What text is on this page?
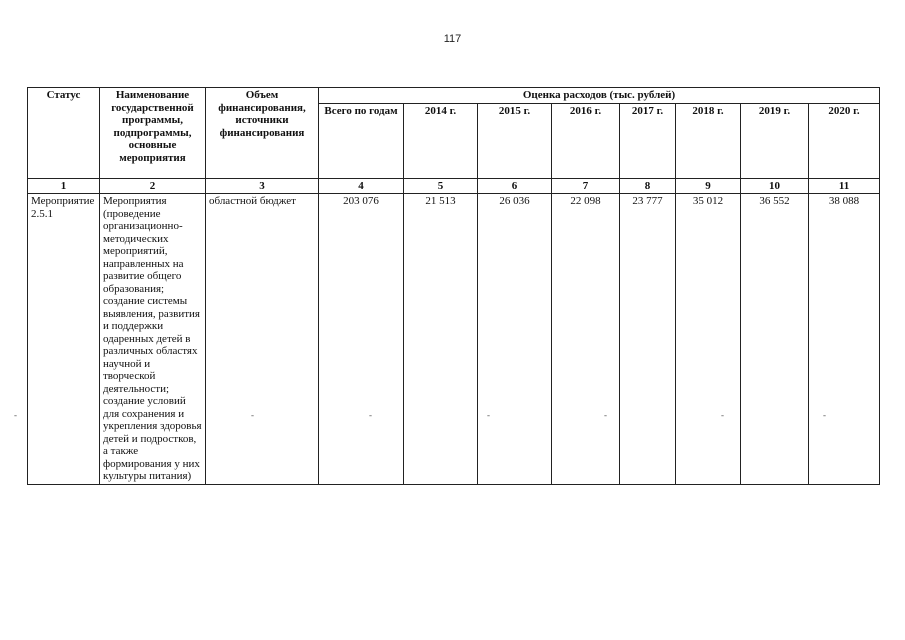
117
Статус	Наименование государственной программы, подпрограммы, основные мероприятия	Объем финансирования, источники финансирования	Оценка расходов (тыс. рублей)							
			Всего по годам	2014 г.	2015 г.	2016 г.	2017 г.	2018 г.	2019 г.	2020 г.
1	2	3	4	5	6	7	8	9	10	11
Мероприятие 2.5.1	Мероприятия (проведение организационно-методических мероприятий, направленных на развитие общего образования; создание системы выявления, развития и поддержки одаренных детей в различных областях научной и творческой деятельности; создание условий для сохранения и укрепления здоровья детей и подростков, а также формирования у них культуры питания)	областной бюджет	203 076	21 513	26 036	22 098	23 777	35 012	36 552	38 088
-	-	-	-	-	-	-
